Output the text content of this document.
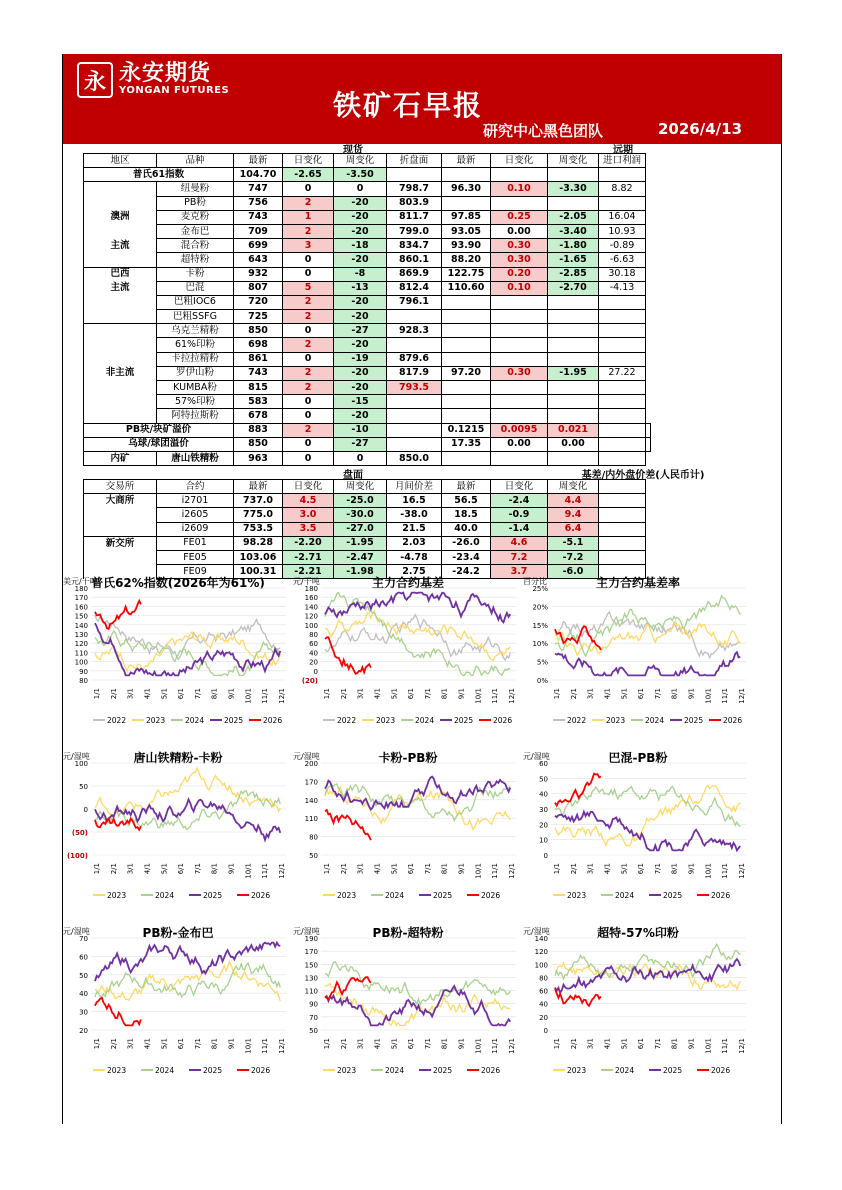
永 永安期货
YONGAN FUTURES	铁矿石早报
研究中心黑色团队	2026/4/13
现货	远期
地区	品种	最新	日变化	周变化	折盘面	最新	日变化	周变化	进口利润	
普氏61指数		104.70	-2.65	-3.50						
	纽曼粉	747	0	0	798.7	96.30	0.10	-3.30	8.82	
	PB粉	756	2	-20	803.9					
澳洲	麦克粉	743	1	-20	811.7	97.85	0.25	-2.05	16.04	
	金布巴	709	2	-20	799.0	93.05	0.00	-3.40	10.93	
主流	混合粉	699	3	-18	834.7	93.90	0.30	-1.80	-0.89	
	超特粉	643	0	-20	860.1	88.20	0.30	-1.65	-6.63	
巴西	卡粉	932	0	-8	869.9	122.75	0.20	-2.85	30.18	
主流	巴混	807	5	-13	812.4	110.60	0.10	-2.70	-4.13	
	巴粗IOC6	720	2	-20	796.1					
	巴粗SSFG	725	2	-20						
	乌克兰精粉	850	0	-27	928.3					
	61%印粉	698	2	-20						
	卡拉拉精粉	861	0	-19	879.6					
非主流	罗伊山粉	743	2	-20	817.9	97.20	0.30	-1.95	27.22	
	KUMBA粉	815	2	-20	793.5					
	57%印粉	583	0	-15						
	阿特拉斯粉	678	0	-20						
PB块/块矿溢价		883	2	-10		0.1215	0.0095	0.021		
乌球/球团溢价		850	0	-27		17.35	0.00	0.00		
内矿	唐山铁精粉	963	0	0	850.0					
盘面	基差/内外盘价差(人民币计)
交易所	合约	最新	日变化	周变化	月间价差	最新	日变化	周变化	
大商所	i2701	737.0	4.5	-25.0	16.5	56.5	-2.4	4.4	
	i2605	775.0	3.0	-30.0	-38.0	18.5	-0.9	9.4	
	i2609	753.5	3.5	-27.0	21.5	40.0	-1.4	6.4	
新交所	FE01	98.28	-2.20	-1.95	2.03	-26.0	4.6	-5.1	
	FE05	103.06	-2.71	-2.47	-4.78	-23.4	7.2	-7.2	
	FE09	100.31	-2.21	-1.98	2.75	-24.2	3.7	-6.0	
美元/干吨
普氏62%指数(2026年为61%)
180
170
160
150
140
130
120
110
100
90
80
1/1 2/1 3/1 4/1 5/1 6/1 7/1 8/1 9/1 10/1 11/1 12/1
2022	2023	2024	2025	2026
元/干吨	主力合约基差
180
160
140
120
100
80
60
40
20
0
(20)
1/1 2/1 3/1 4/1 5/1 6/1 7/1 8/1 9/1 10/1 11/1 12/1
2022	2023	2024	2025	2026
百分比	主力合约基差率
25%
20%
15%
10%
5%
0%
1/1 2/1 3/1 4/1 5/1 6/1 7/1 8/1 9/1 10/1 11/1 12/1
2022	2023	2024	2025	2026
元/湿吨	唐山铁精粉-卡粉
100
50
0
(50)
(100)
1/1 2/1 3/1 4/1 5/1 6/1 7/1 8/1 9/1 10/1 11/1 12/1
2023	2024	2025	2026
元/湿吨	卡粉-PB粉
200
170
140
110
80
50
1/1 2/1 3/1 4/1 5/1 6/1 7/1 8/1 9/1 10/1 11/1 12/1
2023	2024	2025	2026
元/湿吨	巴混-PB粉
60
50
40
30
20
10
0
1/1 2/1 3/1 4/1 5/1 6/1 7/1 8/1 9/1 10/1 11/1 12/1
2023	2024	2025	2026
元/湿吨	PB粉-金布巴
70
60
50
40
30
20
1/1 2/1 3/1 4/1 5/1 6/1 7/1 8/1 9/1 10/1 11/1 12/1
2023	2024	2025	2026
元/湿吨	PB粉-超特粉
190
170
150
130
110
90
70
50
1/1 2/1 3/1 4/1 5/1 6/1 7/1 8/1 9/1 10/1 11/1 12/1
2023	2024	2025	2026
元/湿吨	超特-57%印粉
140
120
100
80
60
40
20
0
1/1 2/1 3/1 4/1 5/1 6/1 7/1 8/1 9/1 10/1 11/1 12/1
2023	2024	2025	2026
